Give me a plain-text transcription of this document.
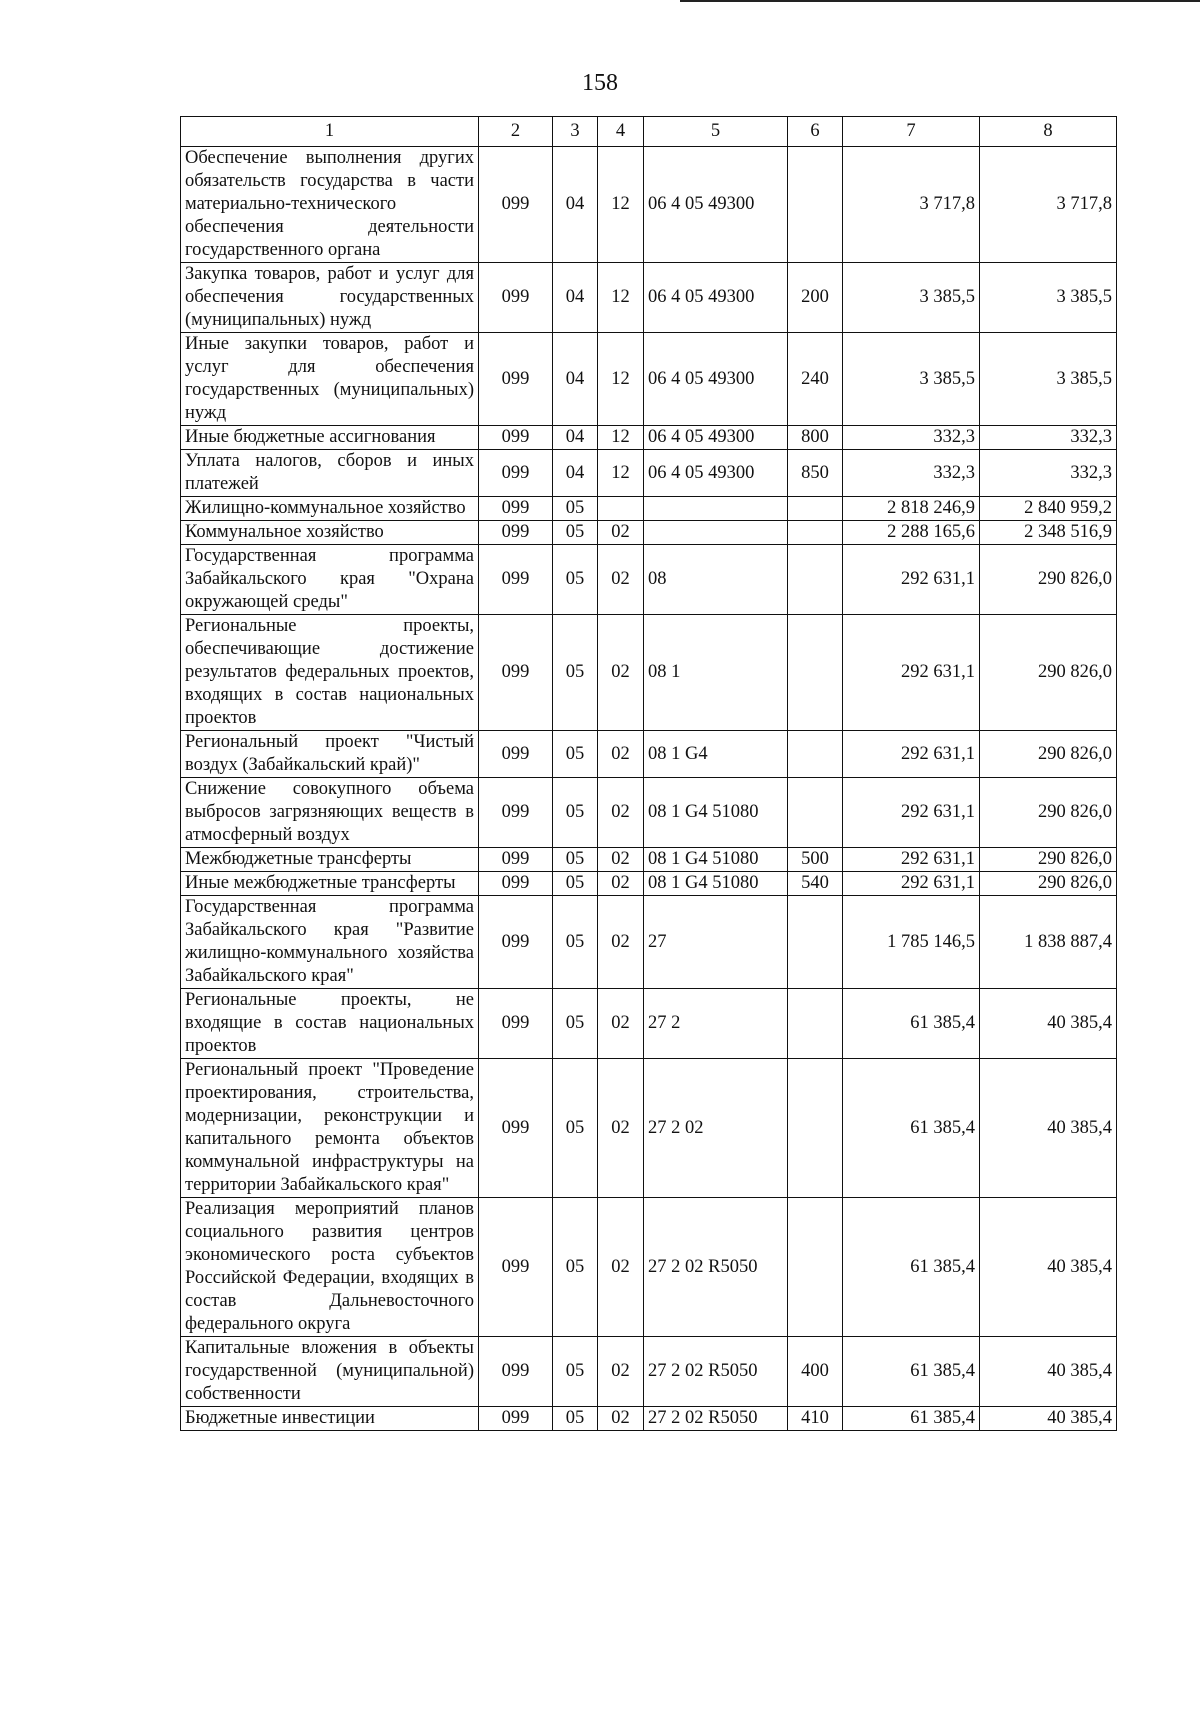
158
1	2	3	4	5	6	7	8
Обеспечение выполнения других обязательств государства в части материально-технического обеспечения деятельности государственного органа	099	04	12	06 4 05 49300		3 717,8	3 717,8
Закупка товаров, работ и услуг для обеспечения государственных (муниципальных) нужд	099	04	12	06 4 05 49300	200	3 385,5	3 385,5
Иные закупки товаров, работ и услуг для обеспечения государственных (муниципальных) нужд	099	04	12	06 4 05 49300	240	3 385,5	3 385,5
Иные бюджетные ассигнования	099	04	12	06 4 05 49300	800	332,3	332,3
Уплата налогов, сборов и иных платежей	099	04	12	06 4 05 49300	850	332,3	332,3
Жилищно-коммунальное хозяйство	099	05				2 818 246,9	2 840 959,2
Коммунальное хозяйство	099	05	02			2 288 165,6	2 348 516,9
Государственная программа Забайкальского края "Охрана окружающей среды"	099	05	02	08		292 631,1	290 826,0
Региональные проекты, обеспечивающие достижение результатов федеральных проектов, входящих в состав национальных проектов	099	05	02	08 1		292 631,1	290 826,0
Региональный проект "Чистый воздух (Забайкальский край)"	099	05	02	08 1 G4		292 631,1	290 826,0
Снижение совокупного объема выбросов загрязняющих веществ в атмосферный воздух	099	05	02	08 1 G4 51080		292 631,1	290 826,0
Межбюджетные трансферты	099	05	02	08 1 G4 51080	500	292 631,1	290 826,0
Иные межбюджетные трансферты	099	05	02	08 1 G4 51080	540	292 631,1	290 826,0
Государственная программа Забайкальского края "Развитие жилищно-коммунального хозяйства Забайкальского края"	099	05	02	27		1 785 146,5	1 838 887,4
Региональные проекты, не входящие в состав национальных проектов	099	05	02	27 2		61 385,4	40 385,4
Региональный проект "Проведение проектирования, строительства, модернизации, реконструкции и капитального ремонта объектов коммунальной инфраструктуры на территории Забайкальского края"	099	05	02	27 2 02		61 385,4	40 385,4
Реализация мероприятий планов социального развития центров экономического роста субъектов Российской Федерации, входящих в состав Дальневосточного федерального округа	099	05	02	27 2 02 R5050		61 385,4	40 385,4
Капитальные вложения в объекты государственной (муниципальной) собственности	099	05	02	27 2 02 R5050	400	61 385,4	40 385,4
Бюджетные инвестиции	099	05	02	27 2 02 R5050	410	61 385,4	40 385,4
